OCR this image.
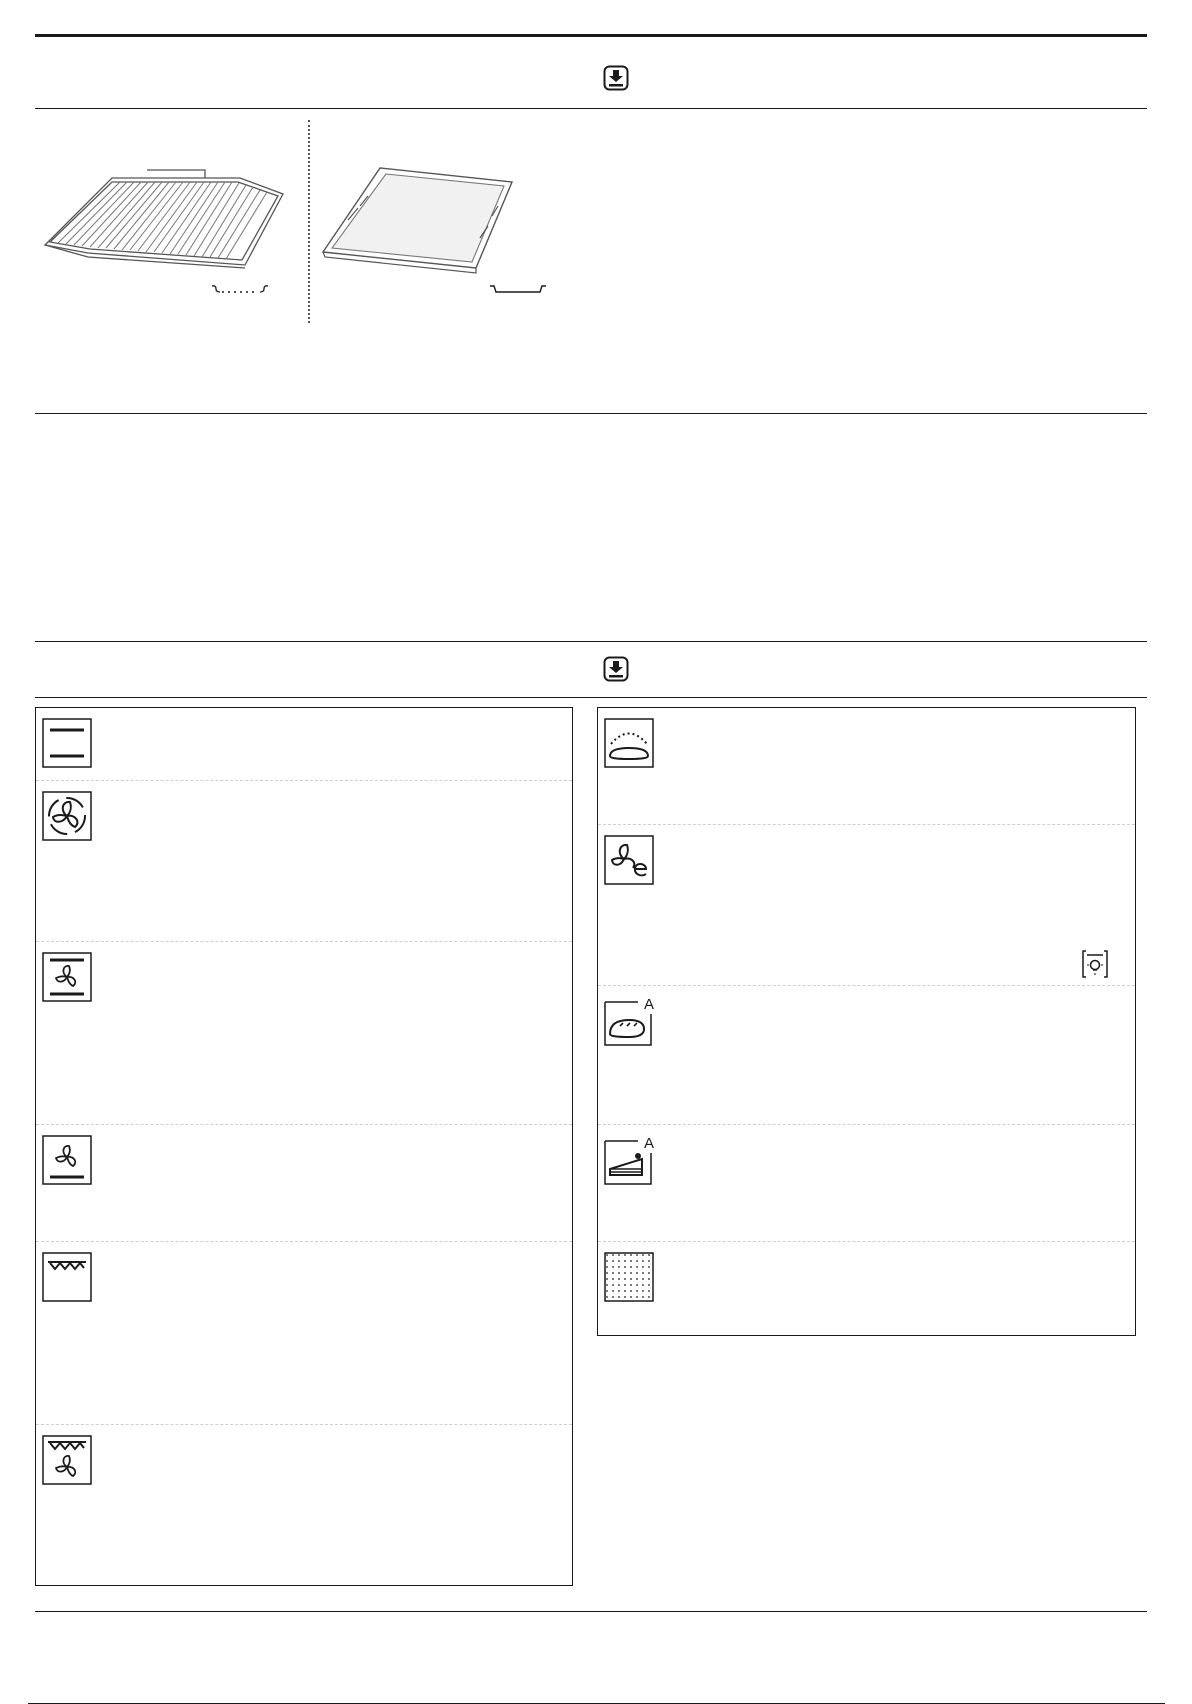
A
A
